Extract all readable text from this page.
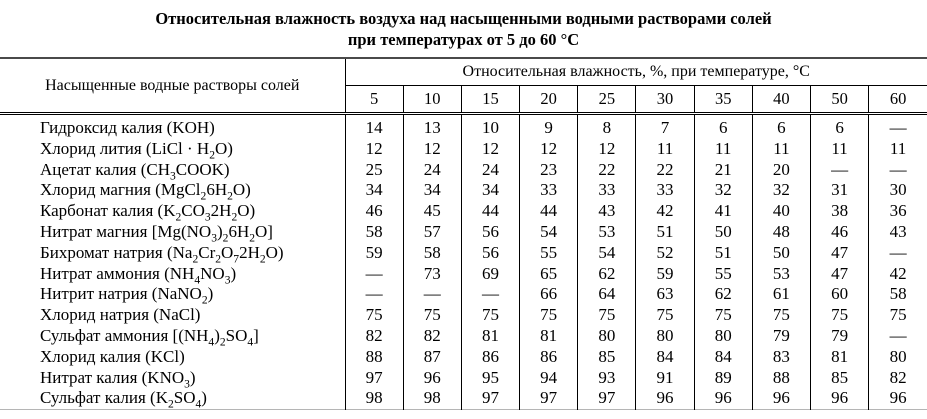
Относительная влажность воздуха над насыщенными водными растворами солей
при температурах от 5 до 60 °С
Насыщенные водные растворы солей	Относительная влажность, %, при температуре, °С									
	5	10	15	20	25	30	35	40	50	60
Гидроксид калия (KOH)	14	13	10	9	8	7	6	6	6	—
Хлорид лития (LiCl · $H_2O$)	12	12	12	12	12	11	11	11	11	11
Ацетат калия $(CH_3COOK)$	25	24	24	23	22	22	21	20	—	—
Хлорид магния $(MgCl_26H_2O)$	34	34	34	33	33	33	32	32	31	30
Карбонат калия $(K_2CO_32H_2O)$	46	45	44	44	43	42	41	40	38	36
Нитрат магния $[Mg(NO_3)_26H_2O]$	58	57	56	54	53	51	50	48	46	43
Бихромат натрия $(Na_2Cr_2O_72H_2O)$	59	58	56	55	54	52	51	50	47	—
Нитрат аммония $(NH_4NO_3)$	—	73	69	65	62	59	55	53	47	42
Нитрит натрия (NaNO$_2$)	—	—	—	66	64	63	62	61	60	58
Хлорид натрия (NaCl)	75	75	75	75	75	75	75	75	75	75
Сульфат аммония $[(NH_4)_2SO_4]$	82	82	81	81	80	80	80	79	79	—
Хлорид калия (KCl)	88	87	86	86	85	84	84	83	81	80
Нитрат калия $(KNO_3)$	97	96	95	94	93	91	89	88	85	82
Сульфат калия $(K_2SO_4)$	98	98	97	97	97	96	96	96	96	96
